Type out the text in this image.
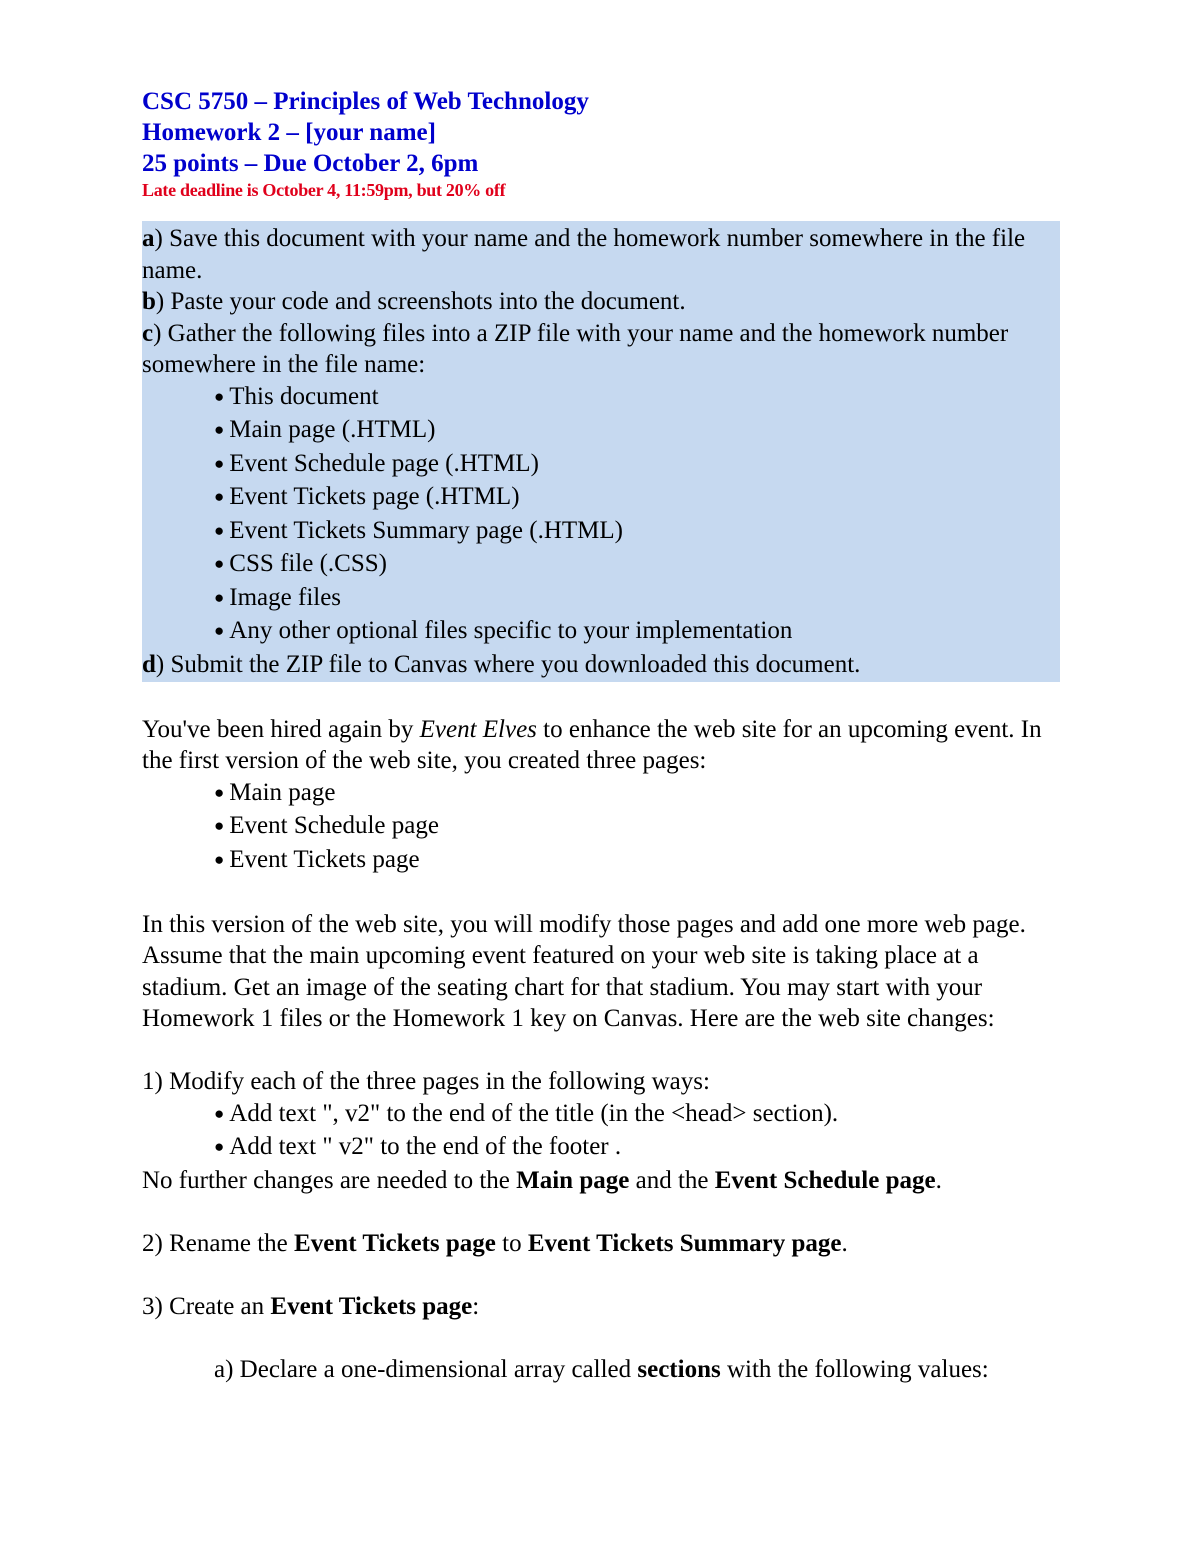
CSC 5750 – Principles of Web Technology
Homework 2 – [your name]
25 points – Due October 2, 6pm
Late deadline is October 4, 11:59pm, but 20% off

a) Save this document with your name and the homework number somewhere in the file name.

b) Paste your code and screenshots into the document.

c) Gather the following files into a ZIP file with your name and the homework number somewhere in the file name:

● This document
● Main page (.HTML)
● Event Schedule page (.HTML)
● Event Tickets page (.HTML)
● Event Tickets Summary page (.HTML)
● CSS file (.CSS)
● Image files
● Any other optional files specific to your implementation

d) Submit the ZIP file to Canvas where you downloaded this document.

You've been hired again by Event Elves to enhance the web site for an upcoming event. In the first version of the web site, you created three pages:

● Main page
● Event Schedule page
● Event Tickets page

In this version of the web site, you will modify those pages and add one more web page. Assume that the main upcoming event featured on your web site is taking place at a stadium. Get an image of the seating chart for that stadium. You may start with your Homework 1 files or the Homework 1 key on Canvas. Here are the web site changes:

1) Modify each of the three pages in the following ways:

● Add text ", v2" to the end of the title (in the <head> section).
● Add text " v2" to the end of the footer .

No further changes are needed to the Main page and the Event Schedule page.

2) Rename the Event Tickets page to Event Tickets Summary page.

3) Create an Event Tickets page:

a) Declare a one-dimensional array called sections with the following values:
